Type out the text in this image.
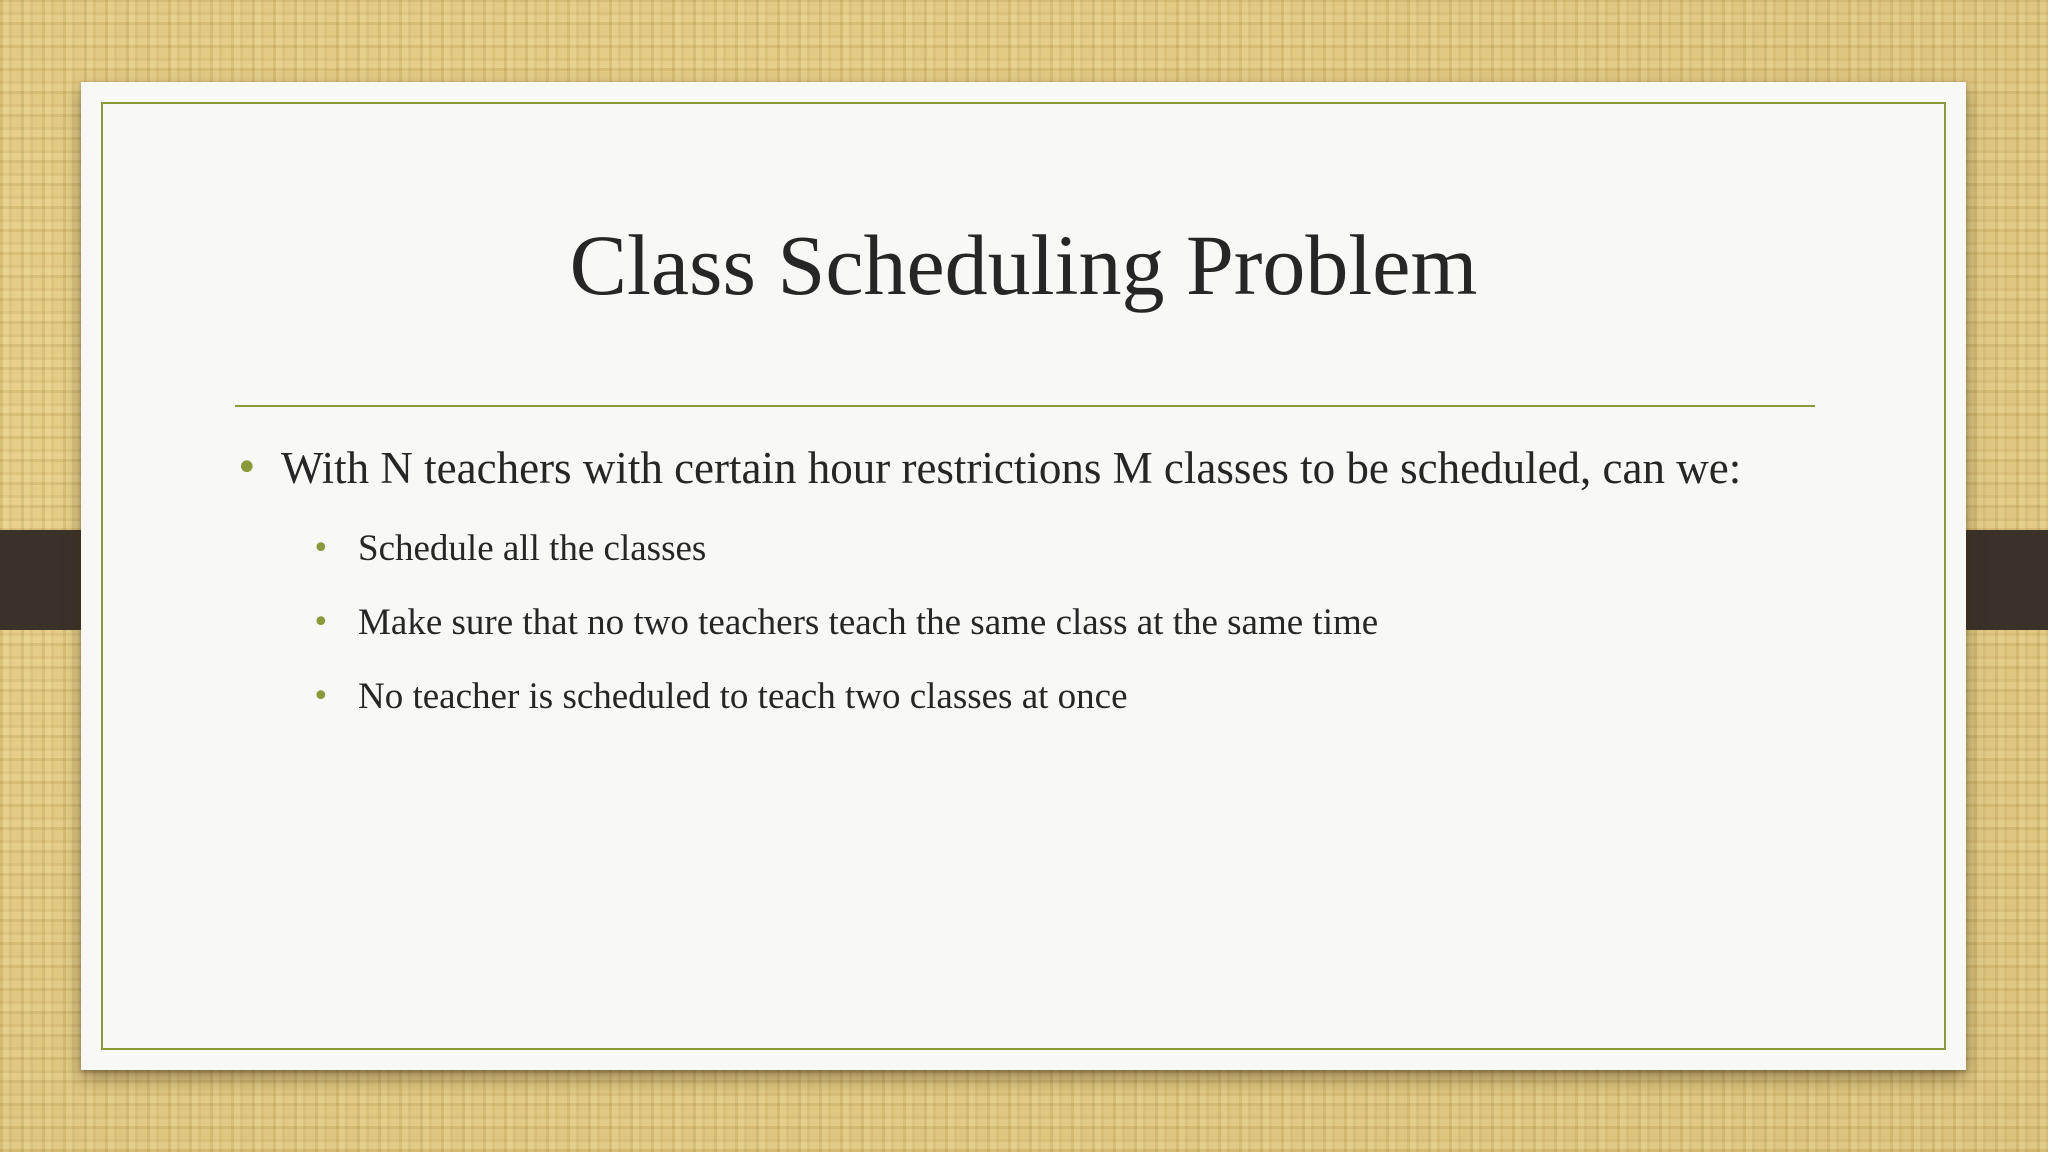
Class Scheduling Problem
• With N teachers with certain hour restrictions M classes to be scheduled, can we:
• Schedule all the classes
• Make sure that no two teachers teach the same class at the same time
• No teacher is scheduled to teach two classes at once
